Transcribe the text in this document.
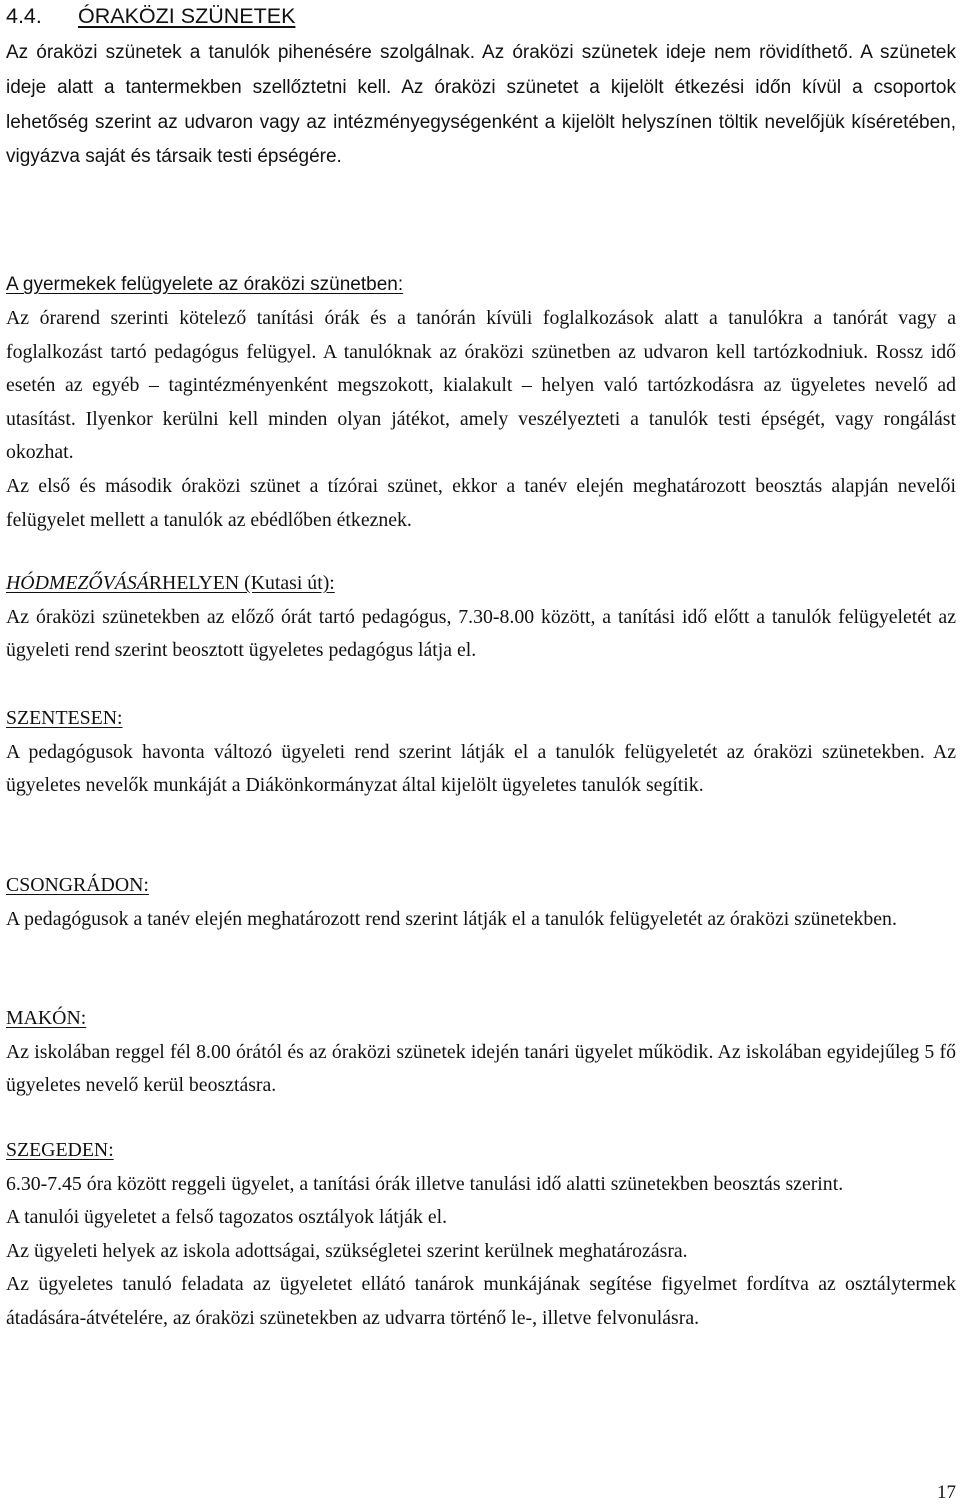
4.4. ÓRAKÖZI SZÜNETEK

Az óraközi szünetek a tanulók pihenésére szolgálnak. Az óraközi szünetek ideje nem rövidíthető. A szünetek ideje alatt a tantermekben szellőztetni kell. Az óraközi szünetet a kijelölt étkezési időn kívül a csoportok lehetőség szerint az udvaron vagy az intézményegységenként a kijelölt helyszínen töltik nevelőjük kíséretében, vigyázva saját és társaik testi épségére.

A gyermekek felügyelete az óraközi szünetben:

Az órarend szerinti kötelező tanítási órák és a tanórán kívüli foglalkozások alatt a tanulókra a tanórát vagy a foglalkozást tartó pedagógus felügyel. A tanulóknak az óraközi szünetben az udvaron kell tartózkodniuk. Rossz idő esetén az egyéb – tagintézményenként megszokott, kialakult – helyen való tartózkodásra az ügyeletes nevelő ad utasítást. Ilyenkor kerülni kell minden olyan játékot, amely veszélyezteti a tanulók testi épségét, vagy rongálást okozhat.

Az első és második óraközi szünet a tízórai szünet, ekkor a tanév elején meghatározott beosztás alapján nevelői felügyelet mellett a tanulók az ebédlőben étkeznek.

HÓDMEZŐVÁSÁRHELYEN (Kutasi út):

Az óraközi szünetekben az előző órát tartó pedagógus, 7.30-8.00 között, a tanítási idő előtt a tanulók felügyeletét az ügyeleti rend szerint beosztott ügyeletes pedagógus látja el.

SZENTESEN:

A pedagógusok havonta változó ügyeleti rend szerint látják el a tanulók felügyeletét az óraközi szünetekben. Az ügyeletes nevelők munkáját a Diákönkormányzat által kijelölt ügyeletes tanulók segítik.

CSONGRÁDON:

A pedagógusok a tanév elején meghatározott rend szerint látják el a tanulók felügyeletét az óraközi szünetekben.

MAKÓN:

Az iskolában reggel fél 8.00 órától és az óraközi szünetek idején tanári ügyelet működik. Az iskolában egyidejűleg 5 fő ügyeletes nevelő kerül beosztásra.

SZEGEDEN:

6.30-7.45 óra között reggeli ügyelet, a tanítási órák illetve tanulási idő alatti szünetekben beosztás szerint.

A tanulói ügyeletet a felső tagozatos osztályok látják el.

Az ügyeleti helyek az iskola adottságai, szükségletei szerint kerülnek meghatározásra.

Az ügyeletes tanuló feladata az ügyeletet ellátó tanárok munkájának segítése figyelmet fordítva az osztálytermek átadására-átvételére, az óraközi szünetekben az udvarra történő le-, illetve felvonulásra.

17
